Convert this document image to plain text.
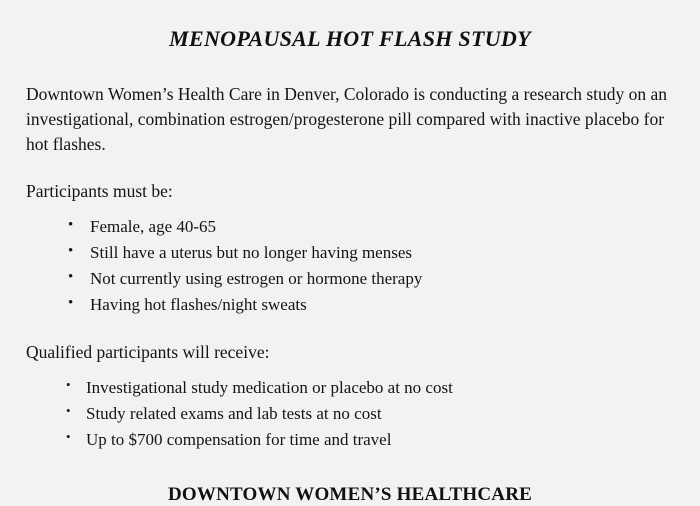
MENOPAUSAL HOT FLASH STUDY

Downtown Women’s Health Care in Denver, Colorado is conducting a research study on an investigational, combination estrogen/progesterone pill compared with inactive placebo for hot flashes.

Participants must be:

• Female, age 40-65
• Still have a uterus but no longer having menses
• Not currently using estrogen or hormone therapy
• Having hot flashes/night sweats

Qualified participants will receive:

• Investigational study medication or placebo at no cost
• Study related exams and lab tests at no cost
• Up to $700 compensation for time and travel
DOWNTOWN WOMEN’S HEALTHCARE
